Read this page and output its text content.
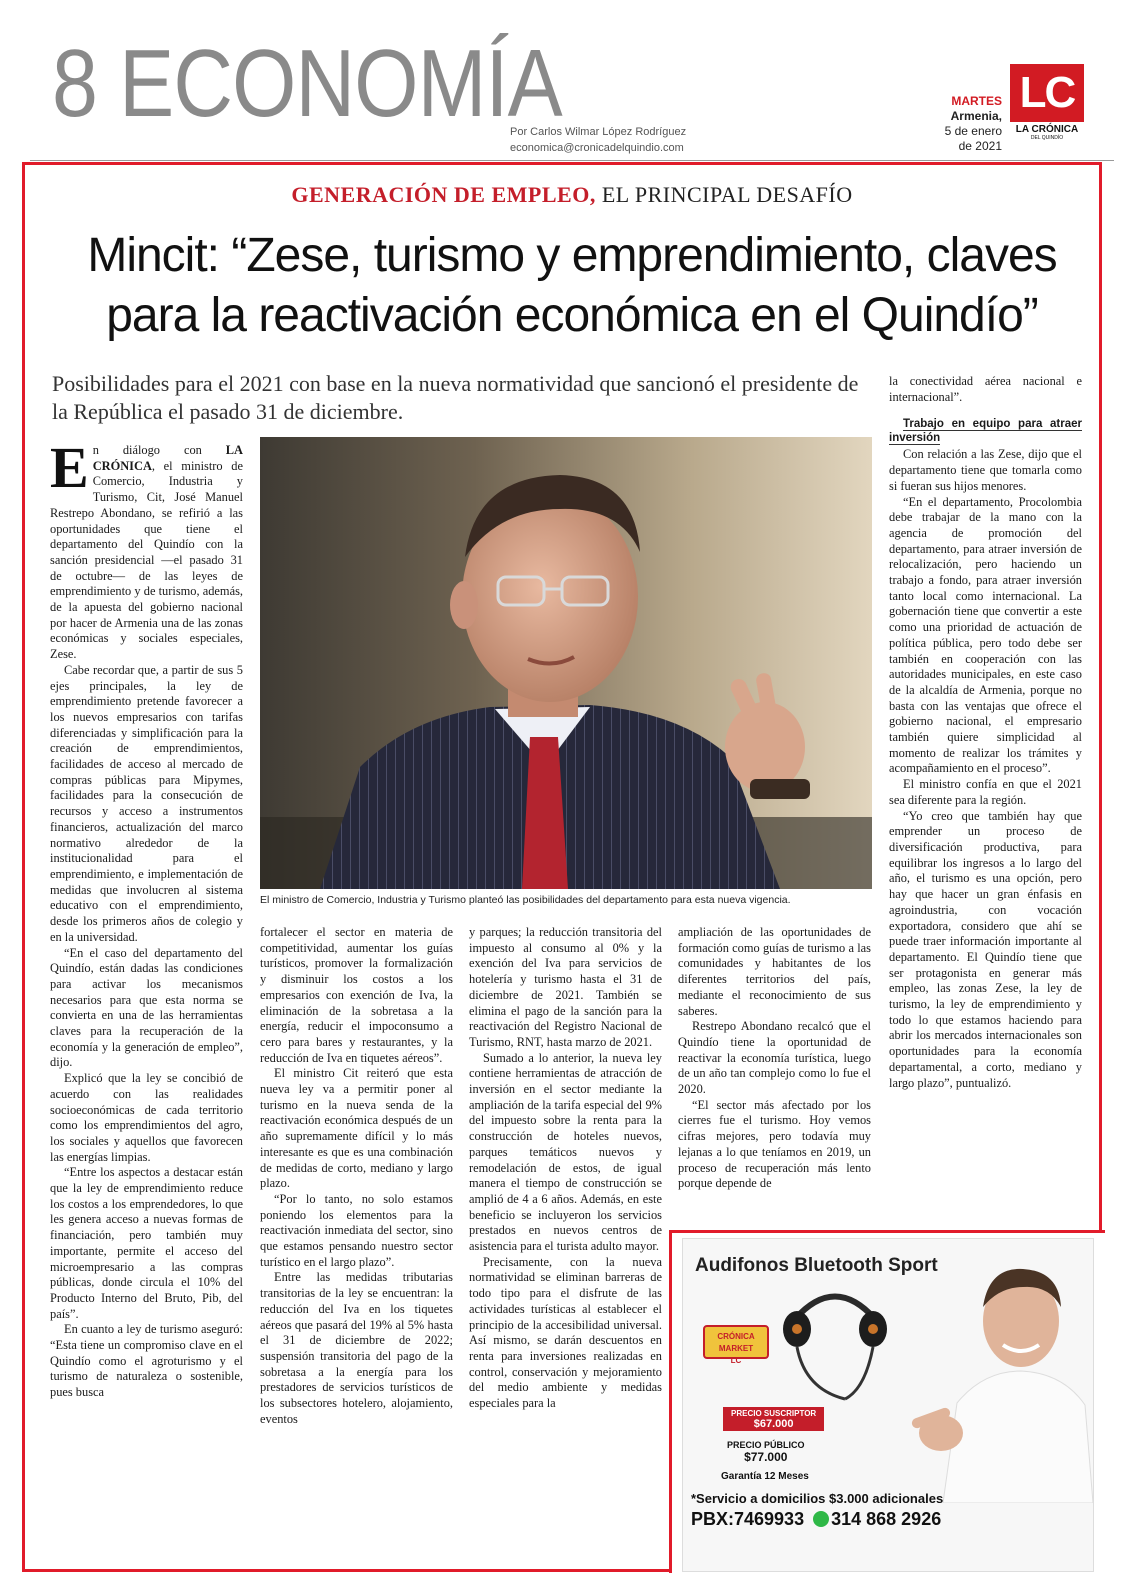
8 ECONOMÍA
Por Carlos Wilmar López Rodríguez
economica@cronicadelquindio.com
MARTES
Armenia,
5 de enero
de 2021
LC
LA CRÓNICA
DEL QUINDÍO
GENERACIÓN DE EMPLEO, EL PRINCIPAL DESAFÍO
Mincit: “Zese, turismo y emprendimiento, claves
para la reactivación económica en el Quindío”
Posibilidades para el 2021 con base en la nueva normatividad que sancionó el presidente de la República el pasado 31 de diciembre.
El ministro de Comercio, Industria y Turismo planteó las posibilidades del departamento para esta nueva vigencia.

En diálogo con LA CRÓNICA, el ministro de Comercio, Industria y Turismo, Cit, José Manuel Restrepo Abondano, se refirió a las oportunidades que tiene el departamento del Quindío con la sanción presidencial —el pasado 31 de octubre— de las leyes de emprendimiento y de turismo, además, de la apuesta del gobierno nacional por hacer de Armenia una de las zonas económicas y sociales especiales, Zese.

Cabe recordar que, a partir de sus 5 ejes principales, la ley de emprendimiento pretende favorecer a los nuevos empresarios con tarifas diferenciadas y simplificación para la creación de emprendimientos, facilidades de acceso al mercado de compras públicas para Mipymes, facilidades para la consecución de recursos y acceso a instrumentos financieros, actualización del marco normativo alrededor de la institucionalidad para el emprendimiento, e implementación de medidas que involucren al sistema educativo con el emprendimiento, desde los primeros años de colegio y en la universidad.

“En el caso del departamento del Quindío, están dadas las condiciones para activar los mecanismos necesarios para que esta norma se convierta en una de las herramientas claves para la recuperación de la economía y la generación de empleo”, dijo.

Explicó que la ley se concibió de acuerdo con las realidades socioeconómicas de cada territorio como los emprendimientos del agro, los sociales y aquellos que favorecen las energías limpias.

“Entre los aspectos a destacar están que la ley de emprendimiento reduce los costos a los emprendedores, lo que les genera acceso a nuevas formas de financiación, pero también muy importante, permite el acceso del microempresario a las compras públicas, donde circula el 10% del Producto Interno del Bruto, Pib, del país”.

En cuanto a ley de turismo aseguró: “Esta tiene un compromiso clave en el Quindío como el agroturismo y el turismo de naturaleza o sostenible, pues busca

fortalecer el sector en materia de competitividad, aumentar los guías turísticos, promover la formalización y disminuir los costos a los empresarios con exención de Iva, la eliminación de la sobretasa a la energía, reducir el impoconsumo a cero para bares y restaurantes, y la reducción de Iva en tiquetes aéreos”.

El ministro Cit reiteró que esta nueva ley va a permitir poner al turismo en la nueva senda de la reactivación económica después de un año supremamente difícil y lo más interesante es que es una combinación de medidas de corto, mediano y largo plazo.

“Por lo tanto, no solo estamos poniendo los elementos para la reactivación inmediata del sector, sino que estamos pensando nuestro sector turístico en el largo plazo”.

Entre las medidas tributarias transitorias de la ley se encuentran: la reducción del Iva en los tiquetes aéreos que pasará del 19% al 5% hasta el 31 de diciembre de 2022; suspensión transitoria del pago de la sobretasa a la energía para los prestadores de servicios turísticos de los subsectores hotelero, alojamiento, eventos

y parques; la reducción transitoria del impuesto al consumo al 0% y la exención del Iva para servicios de hotelería y turismo hasta el 31 de diciembre de 2021. También se elimina el pago de la sanción para la reactivación del Registro Nacional de Turismo, RNT, hasta marzo de 2021.

Sumado a lo anterior, la nueva ley contiene herramientas de atracción de inversión en el sector mediante la ampliación de la tarifa especial del 9% del impuesto sobre la renta para la construcción de hoteles nuevos, parques temáticos nuevos y remodelación de estos, de igual manera el tiempo de construcción se amplió de 4 a 6 años. Además, en este beneficio se incluyeron los servicios prestados en nuevos centros de asistencia para el turista adulto mayor.

Precisamente, con la nueva normatividad se eliminan barreras de todo tipo para el disfrute de las actividades turísticas al establecer el principio de la accesibilidad universal. Así mismo, se darán descuentos en renta para inversiones realizadas en control, conservación y mejoramiento del medio ambiente y medidas especiales para la

ampliación de las oportunidades de formación como guías de turismo a las comunidades y habitantes de los diferentes territorios del país, mediante el reconocimiento de sus saberes.

Restrepo Abondano recalcó que el Quindío tiene la oportunidad de reactivar la economía turística, luego de un año tan complejo como lo fue el 2020.

“El sector más afectado por los cierres fue el turismo. Hoy vemos cifras mejores, pero todavía muy lejanas a lo que teníamos en 2019, un proceso de recuperación más lento porque depende de

la conectividad aérea nacional e internacional”.

Trabajo en equipo para atraer inversión

Con relación a las Zese, dijo que el departamento tiene que tomarla como si fueran sus hijos menores.

“En el departamento, Procolombia debe trabajar de la mano con la agencia de promoción del departamento, para atraer inversión de relocalización, pero haciendo un trabajo a fondo, para atraer inversión tanto local como internacional. La gobernación tiene que convertir a este como una prioridad de actuación de política pública, pero todo debe ser también en cooperación con las autoridades municipales, en este caso de la alcaldía de Armenia, porque no basta con las ventajas que ofrece el gobierno nacional, el empresario también quiere simplicidad al momento de realizar los trámites y acompañamiento en el proceso”.

El ministro confía en que el 2021 sea diferente para la región.

“Yo creo que también hay que emprender un proceso de diversificación productiva, para equilibrar los ingresos a lo largo del año, el turismo es una opción, pero hay que hacer un gran énfasis en agroindustria, con vocación exportadora, considero que ahí se puede traer información importante al departamento. El Quindío tiene que ser protagonista en generar más empleo, las zonas Zese, la ley de turismo, la ley de emprendimiento y todo lo que estamos haciendo para abrir los mercados internacionales son oportunidades para la economía departamental, a corto, mediano y largo plazo”, puntualizó.

Audifonos Bluetooth Sport
CRÓNICA MARKET
LC
PRECIO SUSCRIPTOR
$67.000
PRECIO PÚBLICO
$77.000
Garantía 12 Meses
*Servicio a domicilios $3.000 adicionales
PBX:7469933 314 868 2926
